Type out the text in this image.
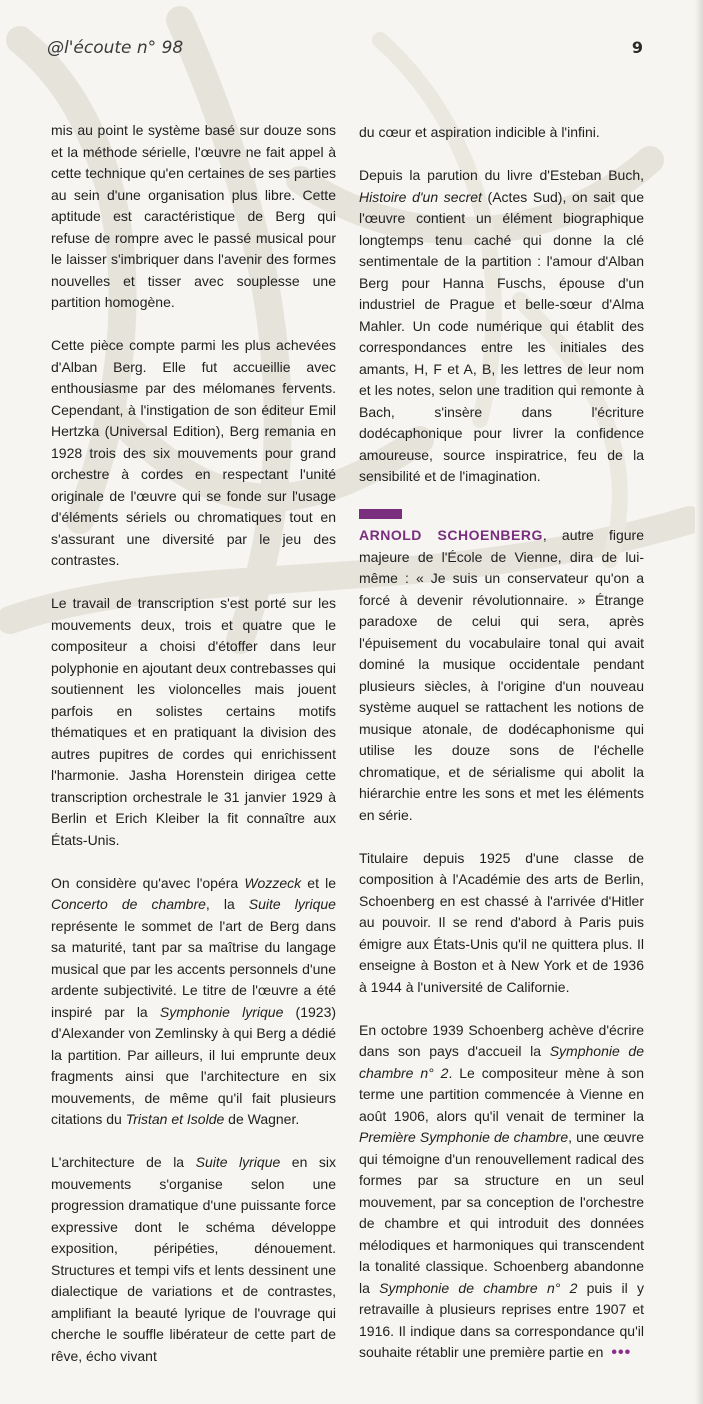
@l'écoute n° 98	9

mis au point le système basé sur douze sons et la méthode sérielle, l'œuvre ne fait appel à cette technique qu'en certaines de ses parties au sein d'une organisation plus libre. Cette aptitude est caractéristique de Berg qui refuse de rompre avec le passé musical pour le laisser s'imbriquer dans l'avenir des formes nouvelles et tisser avec souplesse une partition homogène.

Cette pièce compte parmi les plus achevées d'Alban Berg. Elle fut accueillie avec enthousiasme par des mélomanes fervents. Cependant, à l'instigation de son éditeur Emil Hertzka (Universal Edition), Berg remania en 1928 trois des six mouvements pour grand orchestre à cordes en respectant l'unité originale de l'œuvre qui se fonde sur l'usage d'éléments sériels ou chromatiques tout en s'assurant une diversité par le jeu des contrastes.

Le travail de transcription s'est porté sur les mouvements deux, trois et quatre que le compositeur a choisi d'étoffer dans leur polyphonie en ajoutant deux contrebasses qui soutiennent les violoncelles mais jouent parfois en solistes certains motifs thématiques et en pratiquant la division des autres pupitres de cordes qui enrichissent l'harmonie. Jasha Horenstein dirigea cette transcription orchestrale le 31 janvier 1929 à Berlin et Erich Kleiber la fit connaître aux États-Unis.

On considère qu'avec l'opéra Wozzeck et le Concerto de chambre, la Suite lyrique représente le sommet de l'art de Berg dans sa maturité, tant par sa maîtrise du langage musical que par les accents personnels d'une ardente subjectivité. Le titre de l'œuvre a été inspiré par la Symphonie lyrique (1923) d'Alexander von Zemlinsky à qui Berg a dédié la partition. Par ailleurs, il lui emprunte deux fragments ainsi que l'architecture en six mouvements, de même qu'il fait plusieurs citations du Tristan et Isolde de Wagner.

L'architecture de la Suite lyrique en six mouvements s'organise selon une progression dramatique d'une puissante force expressive dont le schéma développe exposition, péripéties, dénouement. Structures et tempi vifs et lents dessinent une dialectique de variations et de contrastes, amplifiant la beauté lyrique de l'ouvrage qui cherche le souffle libérateur de cette part de rêve, écho vivant

du cœur et aspiration indicible à l'infini.

Depuis la parution du livre d'Esteban Buch, Histoire d'un secret (Actes Sud), on sait que l'œuvre contient un élément biographique longtemps tenu caché qui donne la clé sentimentale de la partition : l'amour d'Alban Berg pour Hanna Fuschs, épouse d'un industriel de Prague et belle-sœur d'Alma Mahler. Un code numérique qui établit des correspondances entre les initiales des amants, H, F et A, B, les lettres de leur nom et les notes, selon une tradition qui remonte à Bach, s'insère dans l'écriture dodécaphonique pour livrer la confidence amoureuse, source inspiratrice, feu de la sensibilité et de l'imagination.

ARNOLD SCHOENBERG, autre figure majeure de l'École de Vienne, dira de lui-même : « Je suis un conservateur qu'on a forcé à devenir révolutionnaire. » Étrange paradoxe de celui qui sera, après l'épuisement du vocabulaire tonal qui avait dominé la musique occidentale pendant plusieurs siècles, à l'origine d'un nouveau système auquel se rattachent les notions de musique atonale, de dodécaphonisme qui utilise les douze sons de l'échelle chromatique, et de sérialisme qui abolit la hiérarchie entre les sons et met les éléments en série.

Titulaire depuis 1925 d'une classe de composition à l'Académie des arts de Berlin, Schoenberg en est chassé à l'arrivée d'Hitler au pouvoir. Il se rend d'abord à Paris puis émigre aux États-Unis qu'il ne quittera plus. Il enseigne à Boston et à New York et de 1936 à 1944 à l'université de Californie.

En octobre 1939 Schoenberg achève d'écrire dans son pays d'accueil la Symphonie de chambre n° 2. Le compositeur mène à son terme une partition commencée à Vienne en août 1906, alors qu'il venait de terminer la Première Symphonie de chambre, une œuvre qui témoigne d'un renouvellement radical des formes par sa structure en un seul mouvement, par sa conception de l'orchestre de chambre et qui introduit des données mélodiques et harmoniques qui transcendent la tonalité classique. Schoenberg abandonne la Symphonie de chambre n° 2 puis il y retravaille à plusieurs reprises entre 1907 et 1916. Il indique dans sa correspondance qu'il souhaite rétablir une première partie en •••
